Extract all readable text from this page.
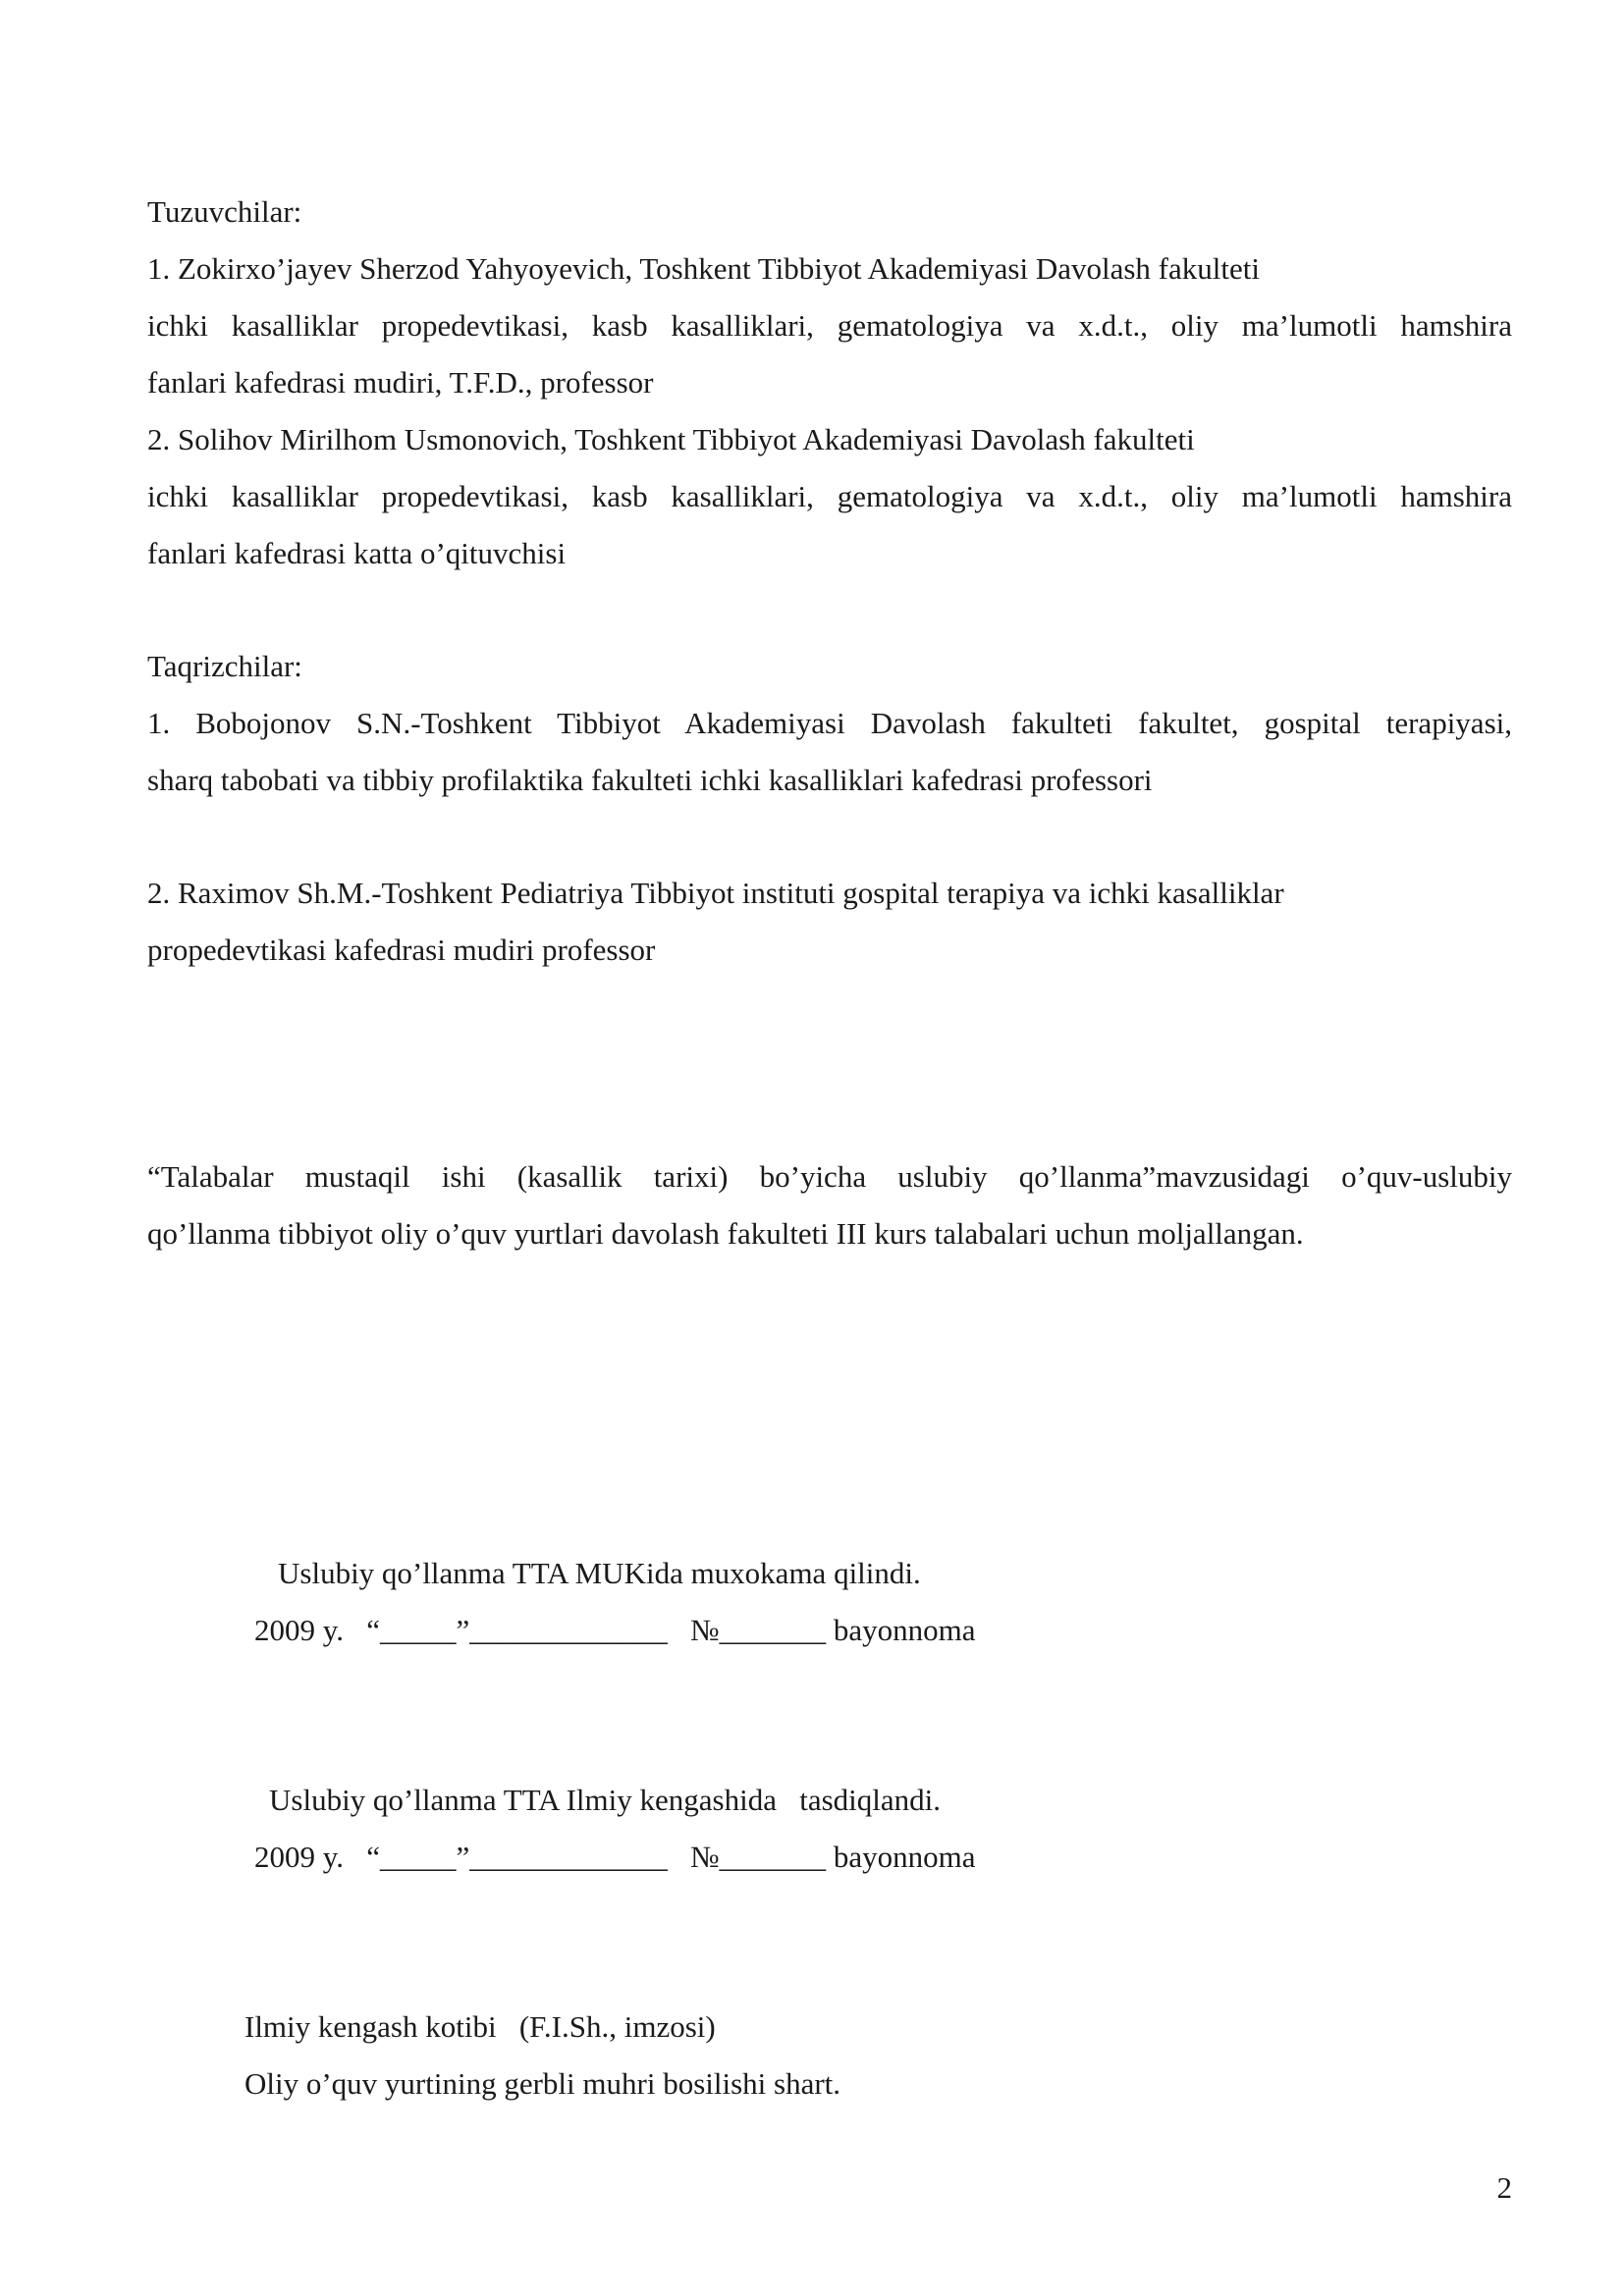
Tuzuvchilar:
1. Zokirxo’jayev Sherzod Yahyoyevich, Toshkent Tibbiyot Akademiyasi Davolash fakulteti
ichki kasalliklar propedevtikasi, kasb kasalliklari, gematologiya va x.d.t., oliy ma’lumotli hamshira
fanlari kafedrasi mudiri, T.F.D., professor
2. Solihov Mirilhom Usmonovich, Toshkent Tibbiyot Akademiyasi Davolash fakulteti
ichki kasalliklar propedevtikasi, kasb kasalliklari, gematologiya va x.d.t., oliy ma’lumotli hamshira
fanlari kafedrasi katta o’qituvchisi
Taqrizchilar:
1. Bobojonov S.N.-Toshkent Tibbiyot Akademiyasi Davolash fakulteti fakultet, gospital terapiyasi,
sharq tabobati va tibbiy profilaktika fakulteti ichki kasalliklari kafedrasi professori
2. Raximov Sh.M.-Toshkent Pediatriya Tibbiyot instituti gospital terapiya va ichki kasalliklar
propedevtikasi kafedrasi mudiri professor
“Talabalar mustaqil ishi (kasallik tarixi) bo’yicha uslubiy qo’llanma”mavzusidagi o’quv-uslubiy
qo’llanma tibbiyot oliy o’quv yurtlari davolash fakulteti III kurs talabalari uchun moljallangan.
Uslubiy qo’llanma TTA MUKida muxokama qilindi.
2009 y.   “_____”_____________   №_______ bayonnoma
Uslubiy qo’llanma TTA Ilmiy kengashida   tasdiqlandi.
2009 y.   “_____”_____________   №_______ bayonnoma
Ilmiy kengash kotibi   (F.I.Sh., imzosi)
Oliy o’quv yurtining gerbli muhri bosilishi shart.
2
